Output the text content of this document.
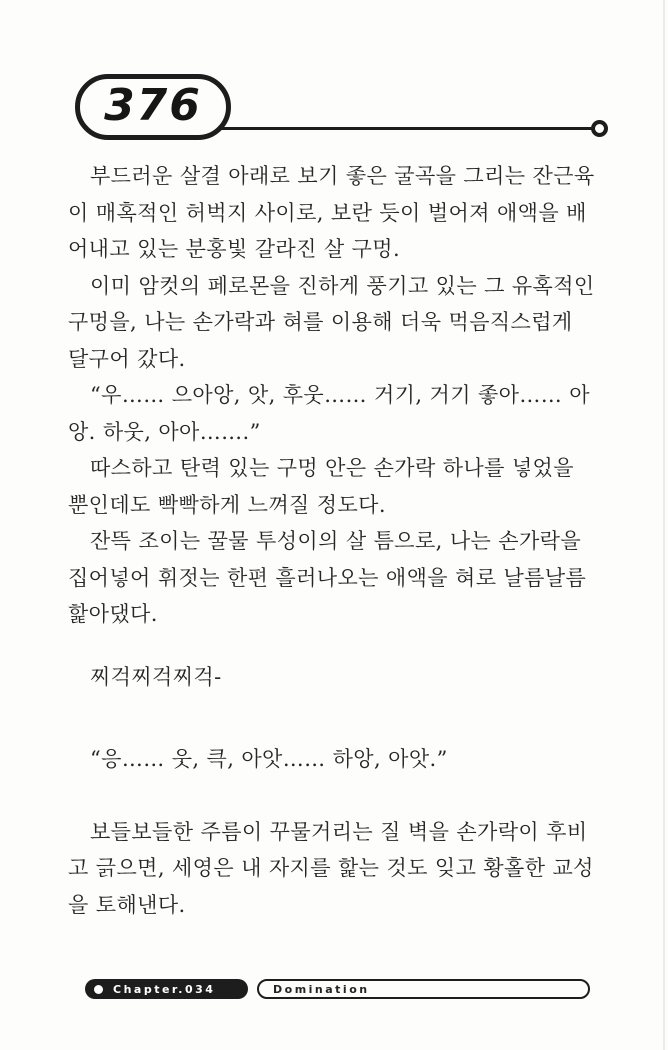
376

부드러운 살결 아래로 보기 좋은 굴곡을 그리는 잔근육이 매혹적인 허벅지 사이로, 보란 듯이 벌어져 애액을 배어내고 있는 분홍빛 갈라진 살 구멍.

이미 암컷의 페로몬을 진하게 풍기고 있는 그 유혹적인 구멍을, 나는 손가락과 혀를 이용해 더욱 먹음직스럽게 달구어 갔다.

“우…… 으아앙, 앗, 후웃…… 거기, 거기 좋아…… 아앙. 하웃, 아아…….”

따스하고 탄력 있는 구멍 안은 손가락 하나를 넣었을 뿐인데도 빡빡하게 느껴질 정도다.

잔뜩 조이는 꿀물 투성이의 살 틈으로, 나는 손가락을 집어넣어 휘젓는 한편 흘러나오는 애액을 혀로 날름날름 핥아댔다.

찌걱찌걱찌걱-

“응…… 웃, 큭, 아앗…… 하앙, 아앗.”

보들보들한 주름이 꾸물거리는 질 벽을 손가락이 후비고 긁으면, 세영은 내 자지를 핥는 것도 잊고 황홀한 교성을 토해낸다.

Chapter.034	Domination
